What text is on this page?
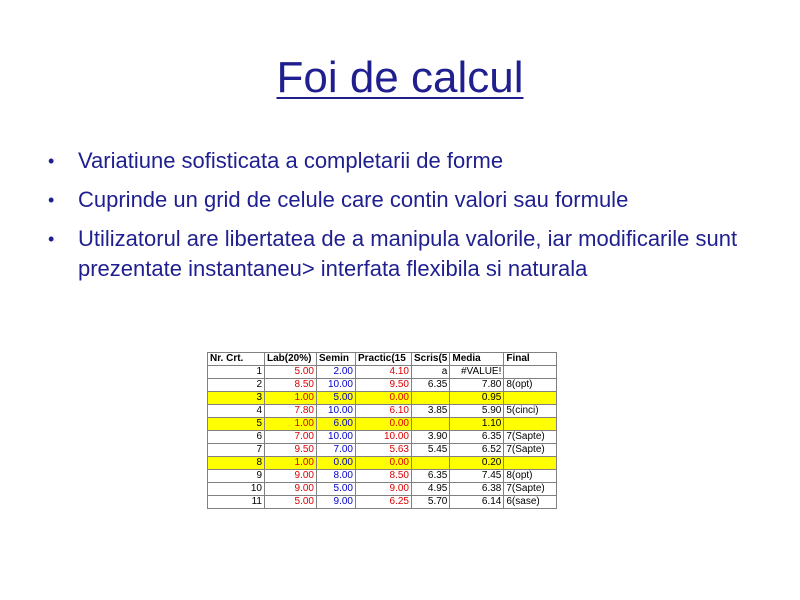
Foi de calcul
• Variatiune sofisticata a completarii de forme
• Cuprinde un grid de celule care contin valori sau formule
• Utilizatorul are libertatea de a manipula valorile, iar modificarile sunt prezentate instantaneu> interfata flexibila si naturala
Nr. Crt.	Lab(20%)	Semin	Practic(15	Scris(5	Media	Final
1	5.00	2.00	4.10	a	#VALUE!	
2	8.50	10.00	9.50	6.35	7.80	8(opt)
3	1.00	5.00	0.00		0.95	
4	7.80	10.00	6.10	3.85	5.90	5(cinci)
5	1.00	6.00	0.00		1.10	
6	7.00	10.00	10.00	3.90	6.35	7(Sapte)
7	9.50	7.00	5.63	5.45	6.52	7(Sapte)
8	1.00	0.00	0.00		0.20	
9	9.00	8.00	8.50	6.35	7.45	8(opt)
10	9.00	5.00	9.00	4.95	6.38	7(Sapte)
11	5.00	9.00	6.25	5.70	6.14	6(sase)
